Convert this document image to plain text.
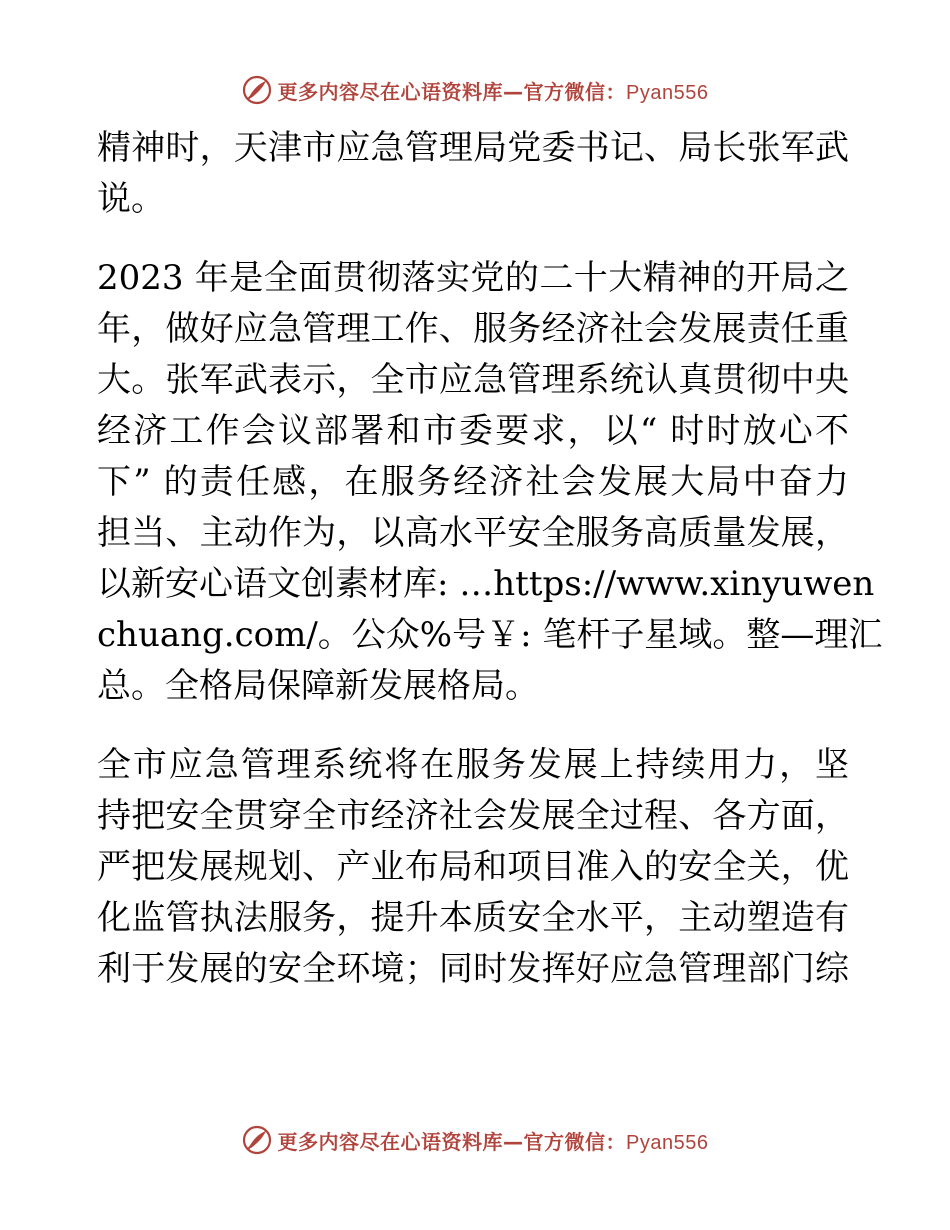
更多内容尽在心语资料库—官方微信：Pyan556
精神时，天津市应急管理局党委书记、局长张军武
说。
2023 年是全面贯彻落实党的二十大精神的开局之
年，做好应急管理工作、服务经济社会发展责任重
大。张军武表示，全市应急管理系统认真贯彻中央
经济工作会议部署和市委要求，以“ 时时放心不
下” 的责任感，在服务经济社会发展大局中奋力
担当、主动作为，以高水平安全服务高质量发展，
以新安心语文创素材库: …https://www.xinyuwen
chuang.com/。公众%号￥: 笔杆子星域。整—理汇
总。全格局保障新发展格局。
全市应急管理系统将在服务发展上持续用力，坚
持把安全贯穿全市经济社会发展全过程、各方面，
严把发展规划、产业布局和项目准入的安全关，优
化监管执法服务，提升本质安全水平，主动塑造有
利于发展的安全环境；同时发挥好应急管理部门综
更多内容尽在心语资料库—官方微信：Pyan556
